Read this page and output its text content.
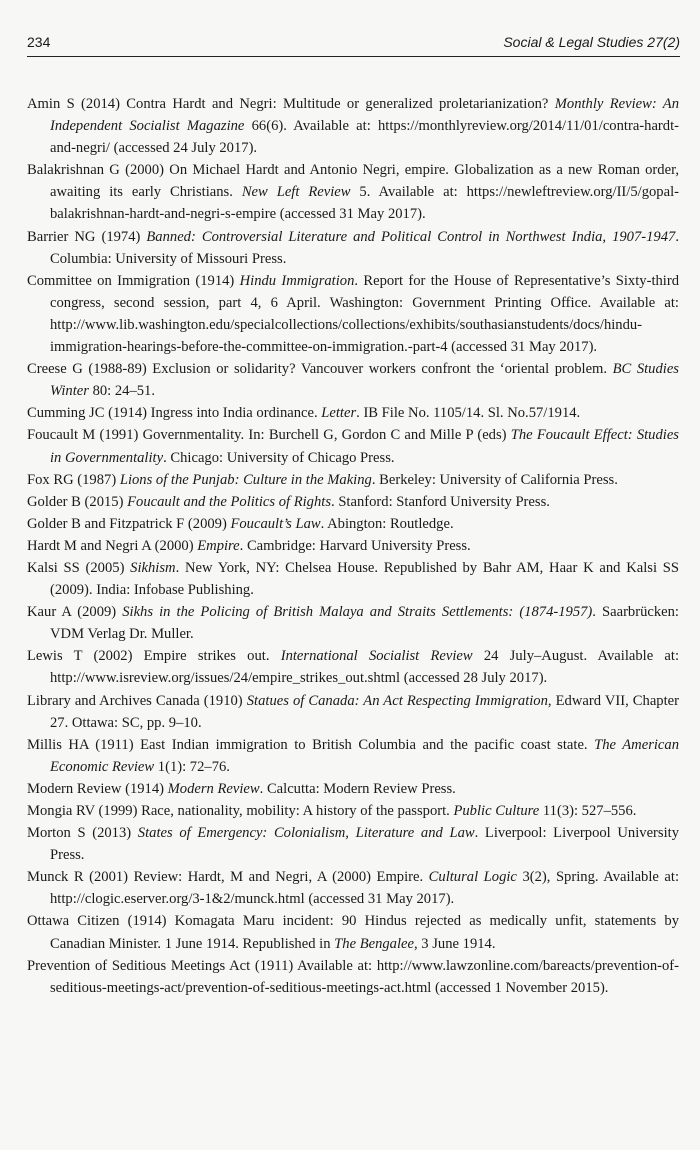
234	Social & Legal Studies 27(2)

Amin S (2014) Contra Hardt and Negri: Multitude or generalized proletarianization? Monthly Review: An Independent Socialist Magazine 66(6). Available at: https://monthlyreview.org/2014/11/01/contra-hardt-and-negri/ (accessed 24 July 2017).

Balakrishnan G (2000) On Michael Hardt and Antonio Negri, empire. Globalization as a new Roman order, awaiting its early Christians. New Left Review 5. Available at: https://newleftreview.org/II/5/gopal-balakrishnan-hardt-and-negri-s-empire (accessed 31 May 2017).

Barrier NG (1974) Banned: Controversial Literature and Political Control in Northwest India, 1907-1947. Columbia: University of Missouri Press.

Committee on Immigration (1914) Hindu Immigration. Report for the House of Representative’s Sixty-third congress, second session, part 4, 6 April. Washington: Government Printing Office. Available at: http://www.lib.washington.edu/specialcollections/collections/exhibits/southasianstudents/docs/hindu-immigration-hearings-before-the-committee-on-immigration.-part-4 (accessed 31 May 2017).

Creese G (1988-89) Exclusion or solidarity? Vancouver workers confront the ‘oriental problem. BC Studies Winter 80: 24–51.

Cumming JC (1914) Ingress into India ordinance. Letter. IB File No. 1105/14. Sl. No.57/1914.

Foucault M (1991) Governmentality. In: Burchell G, Gordon C and Mille P (eds) The Foucault Effect: Studies in Governmentality. Chicago: University of Chicago Press.

Fox RG (1987) Lions of the Punjab: Culture in the Making. Berkeley: University of California Press.

Golder B (2015) Foucault and the Politics of Rights. Stanford: Stanford University Press.

Golder B and Fitzpatrick F (2009) Foucault’s Law. Abington: Routledge.

Hardt M and Negri A (2000) Empire. Cambridge: Harvard University Press.

Kalsi SS (2005) Sikhism. New York, NY: Chelsea House. Republished by Bahr AM, Haar K and Kalsi SS (2009). India: Infobase Publishing.

Kaur A (2009) Sikhs in the Policing of British Malaya and Straits Settlements: (1874-1957). Saarbrücken: VDM Verlag Dr. Muller.

Lewis T (2002) Empire strikes out. International Socialist Review 24 July–August. Available at: http://www.isreview.org/issues/24/empire_strikes_out.shtml (accessed 28 July 2017).

Library and Archives Canada (1910) Statues of Canada: An Act Respecting Immigration, Edward VII, Chapter 27. Ottawa: SC, pp. 9–10.

Millis HA (1911) East Indian immigration to British Columbia and the pacific coast state. The American Economic Review 1(1): 72–76.

Modern Review (1914) Modern Review. Calcutta: Modern Review Press.

Mongia RV (1999) Race, nationality, mobility: A history of the passport. Public Culture 11(3): 527–556.

Morton S (2013) States of Emergency: Colonialism, Literature and Law. Liverpool: Liverpool University Press.

Munck R (2001) Review: Hardt, M and Negri, A (2000) Empire. Cultural Logic 3(2), Spring. Available at: http://clogic.eserver.org/3-1&2/munck.html (accessed 31 May 2017).

Ottawa Citizen (1914) Komagata Maru incident: 90 Hindus rejected as medically unfit, statements by Canadian Minister. 1 June 1914. Republished in The Bengalee, 3 June 1914.

Prevention of Seditious Meetings Act (1911) Available at: http://www.lawzonline.com/bareacts/prevention-of-seditious-meetings-act/prevention-of-seditious-meetings-act.html (accessed 1 November 2015).
